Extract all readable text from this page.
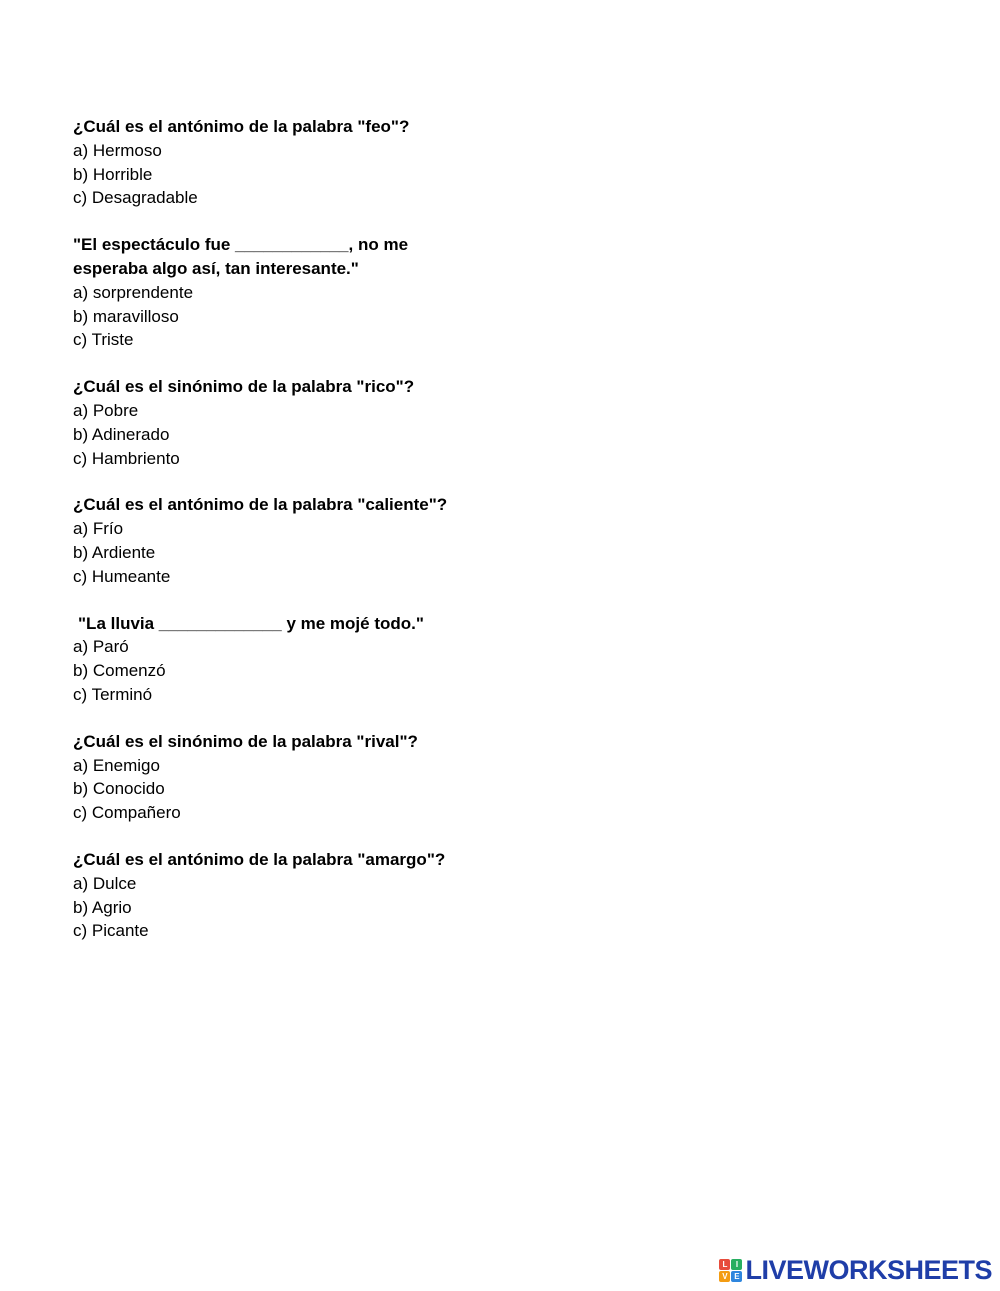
¿Cuál es el antónimo de la palabra "feo"?

a) Hermoso

b) Horrible

c) Desagradable

"El espectáculo fue ____________, no me

esperaba algo así, tan interesante."

a) sorprendente

b) maravilloso

c) Triste

¿Cuál es el sinónimo de la palabra "rico"?

a) Pobre

b) Adinerado

c) Hambriento

¿Cuál es el antónimo de la palabra "caliente"?

a) Frío

b) Ardiente

c) Humeante

"La lluvia _____________ y me mojé todo."

a) Paró

b) Comenzó

c) Terminó

¿Cuál es el sinónimo de la palabra "rival"?

a) Enemigo

b) Conocido

c) Compañero

¿Cuál es el antónimo de la palabra "amargo"?

a) Dulce

b) Agrio

c) Picante

L	I
V E LIVEWORKSHEETS
